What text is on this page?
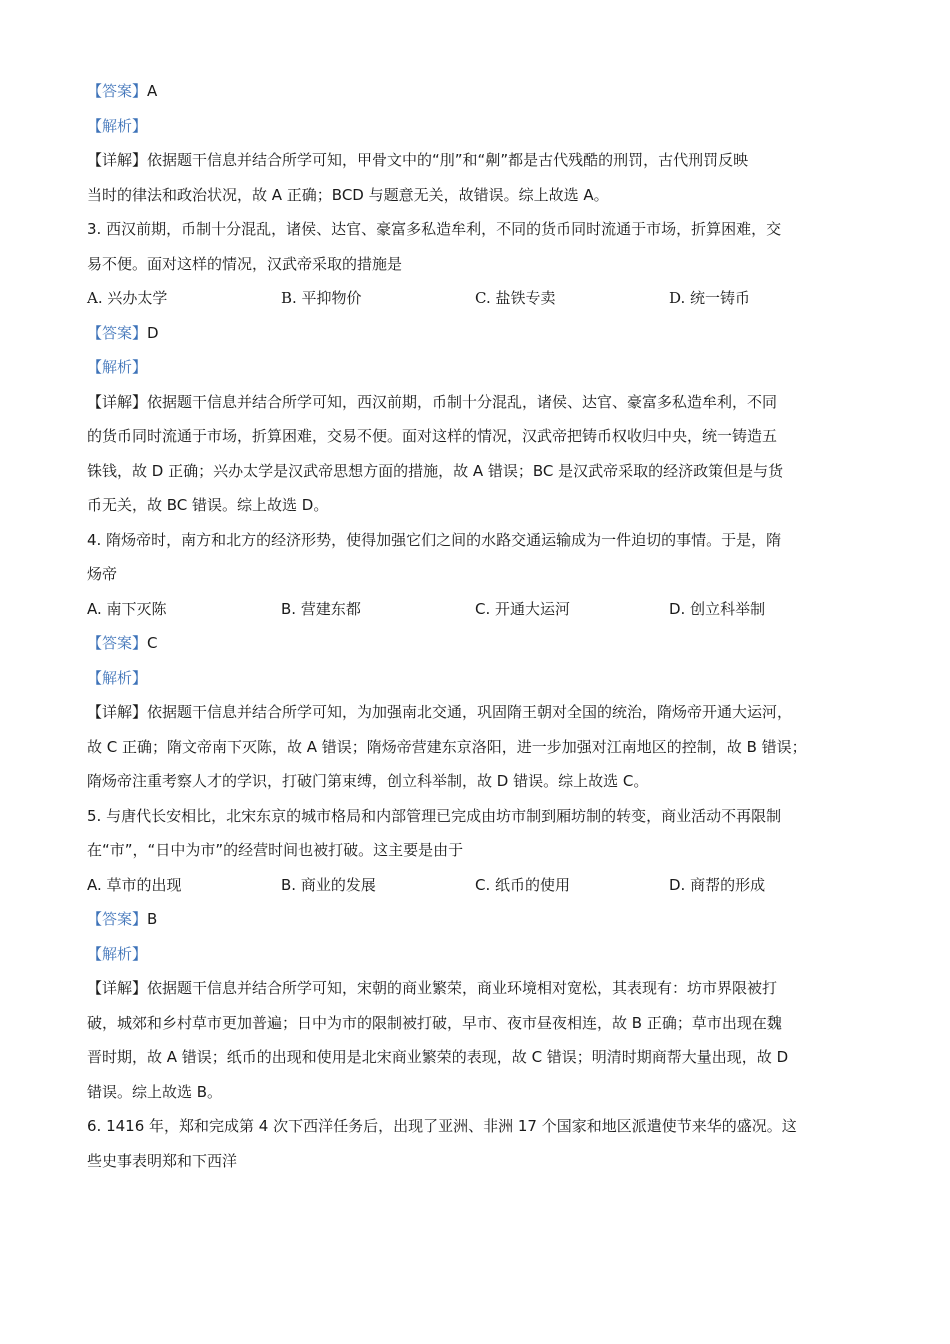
【答案】A
【解析】
【详解】依据题干信息并结合所学可知，甲骨文中的“刖”和“劓”都是古代残酷的刑罚，古代刑罚反映
当时的律法和政治状况，故 A 正确；BCD 与题意无关，故错误。综上故选 A。
3. 西汉前期，币制十分混乱，诸侯、达官、豪富多私造牟利，不同的货币同时流通于市场，折算困难，交
易不便。面对这样的情况，汉武帝采取的措施是
A. 兴办太学	B. 平抑物价	C. 盐铁专卖	D. 统一铸币
【答案】D
【解析】
【详解】依据题干信息并结合所学可知，西汉前期，币制十分混乱，诸侯、达官、豪富多私造牟利，不同
的货币同时流通于市场，折算困难，交易不便。面对这样的情况，汉武帝把铸币权收归中央，统一铸造五
铢钱，故 D 正确；兴办太学是汉武帝思想方面的措施，故 A 错误；BC 是汉武帝采取的经济政策但是与货
币无关，故 BC 错误。综上故选 D。
4. 隋炀帝时，南方和北方的经济形势，使得加强它们之间的水路交通运输成为一件迫切的事情。于是，隋
炀帝
A. 南下灭陈	B. 营建东都	C. 开通大运河	D. 创立科举制
【答案】C
【解析】
【详解】依据题干信息并结合所学可知，为加强南北交通，巩固隋王朝对全国的统治，隋炀帝开通大运河，
故 C 正确；隋文帝南下灭陈，故 A 错误；隋炀帝营建东京洛阳，进一步加强对江南地区的控制，故 B 错误；
隋炀帝注重考察人才的学识，打破门第束缚，创立科举制，故 D 错误。综上故选 C。
5. 与唐代长安相比，北宋东京的城市格局和内部管理已完成由坊市制到厢坊制的转变，商业活动不再限制
在“市”，“日中为市”的经营时间也被打破。这主要是由于
A. 草市的出现	B. 商业的发展	C. 纸币的使用	D. 商帮的形成
【答案】B
【解析】
【详解】依据题干信息并结合所学可知，宋朝的商业繁荣，商业环境相对宽松，其表现有：坊市界限被打
破，城郊和乡村草市更加普遍；日中为市的限制被打破，早市、夜市昼夜相连，故 B 正确；草市出现在魏
晋时期，故 A 错误；纸币的出现和使用是北宋商业繁荣的表现，故 C 错误；明清时期商帮大量出现，故 D
错误。综上故选 B。
6. 1416 年，郑和完成第 4 次下西洋任务后，出现了亚洲、非洲 17 个国家和地区派遣使节来华的盛况。这
些史事表明郑和下西洋
